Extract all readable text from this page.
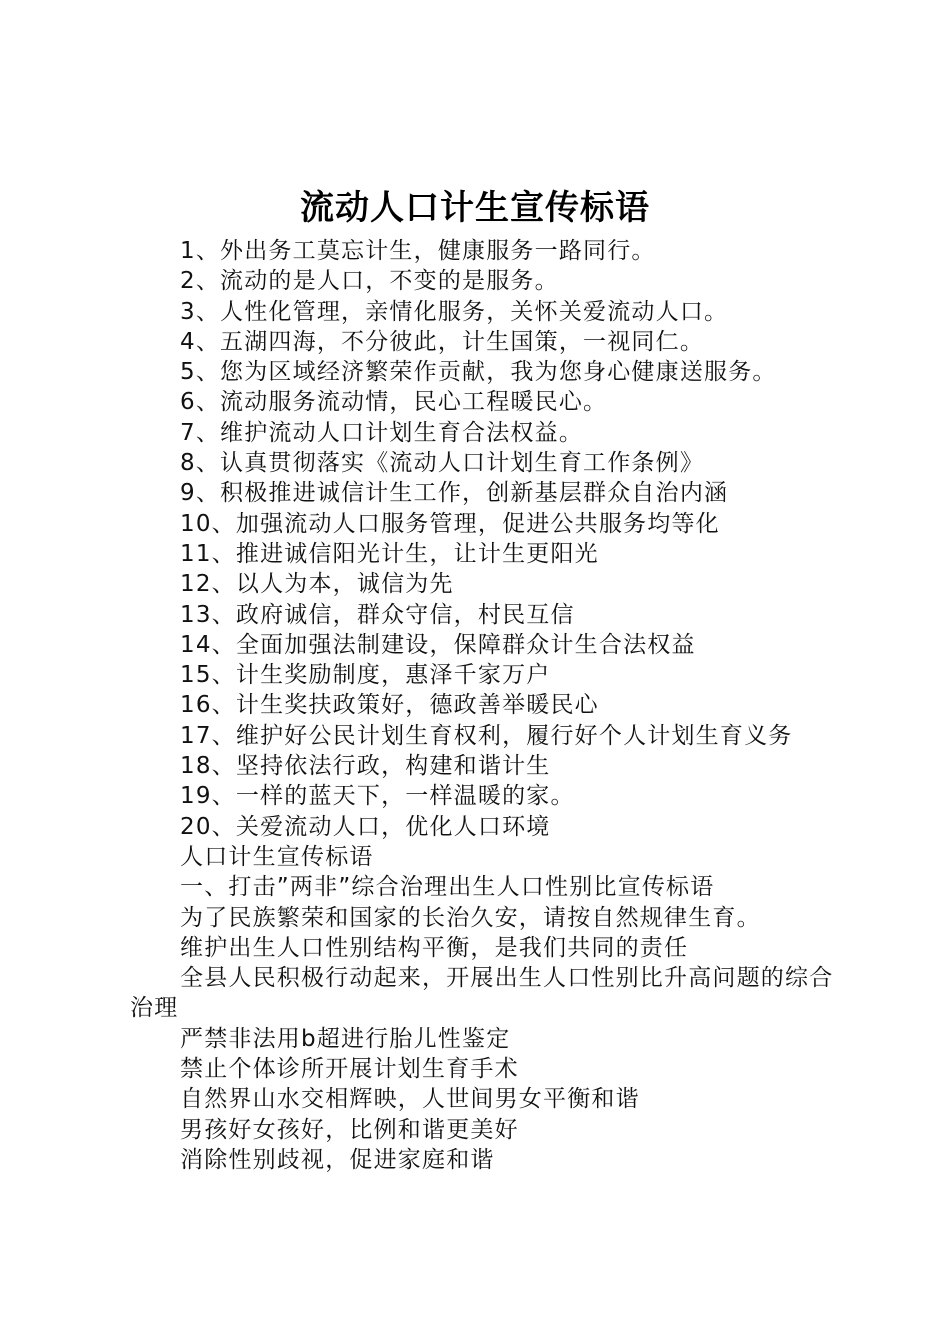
流动人口计生宣传标语

1、外出务工莫忘计生，健康服务一路同行。

2、流动的是人口，不变的是服务。

3、人性化管理，亲情化服务，关怀关爱流动人口。

4、五湖四海，不分彼此，计生国策，一视同仁。

5、您为区域经济繁荣作贡献，我为您身心健康送服务。

6、流动服务流动情，民心工程暖民心。

7、维护流动人口计划生育合法权益。

8、认真贯彻落实《流动人口计划生育工作条例》

9、积极推进诚信计生工作，创新基层群众自治内涵

10、加强流动人口服务管理，促进公共服务均等化

11、推进诚信阳光计生，让计生更阳光

12、以人为本，诚信为先

13、政府诚信，群众守信，村民互信

14、全面加强法制建设，保障群众计生合法权益

15、计生奖励制度，惠泽千家万户

16、计生奖扶政策好，德政善举暖民心

17、维护好公民计划生育权利，履行好个人计划生育义务

18、坚持依法行政，构建和谐计生

19、一样的蓝天下，一样温暖的家。

20、关爱流动人口，优化人口环境

人口计生宣传标语

一、打击”两非”综合治理出生人口性别比宣传标语

为了民族繁荣和国家的长治久安，请按自然规律生育。

维护出生人口性别结构平衡，是我们共同的责任

全县人民积极行动起来，开展出生人口性别比升高问题的综合治理

严禁非法用b超进行胎儿性鉴定

禁止个体诊所开展计划生育手术

自然界山水交相辉映，人世间男女平衡和谐

男孩好女孩好，比例和谐更美好

消除性别歧视，促进家庭和谐
